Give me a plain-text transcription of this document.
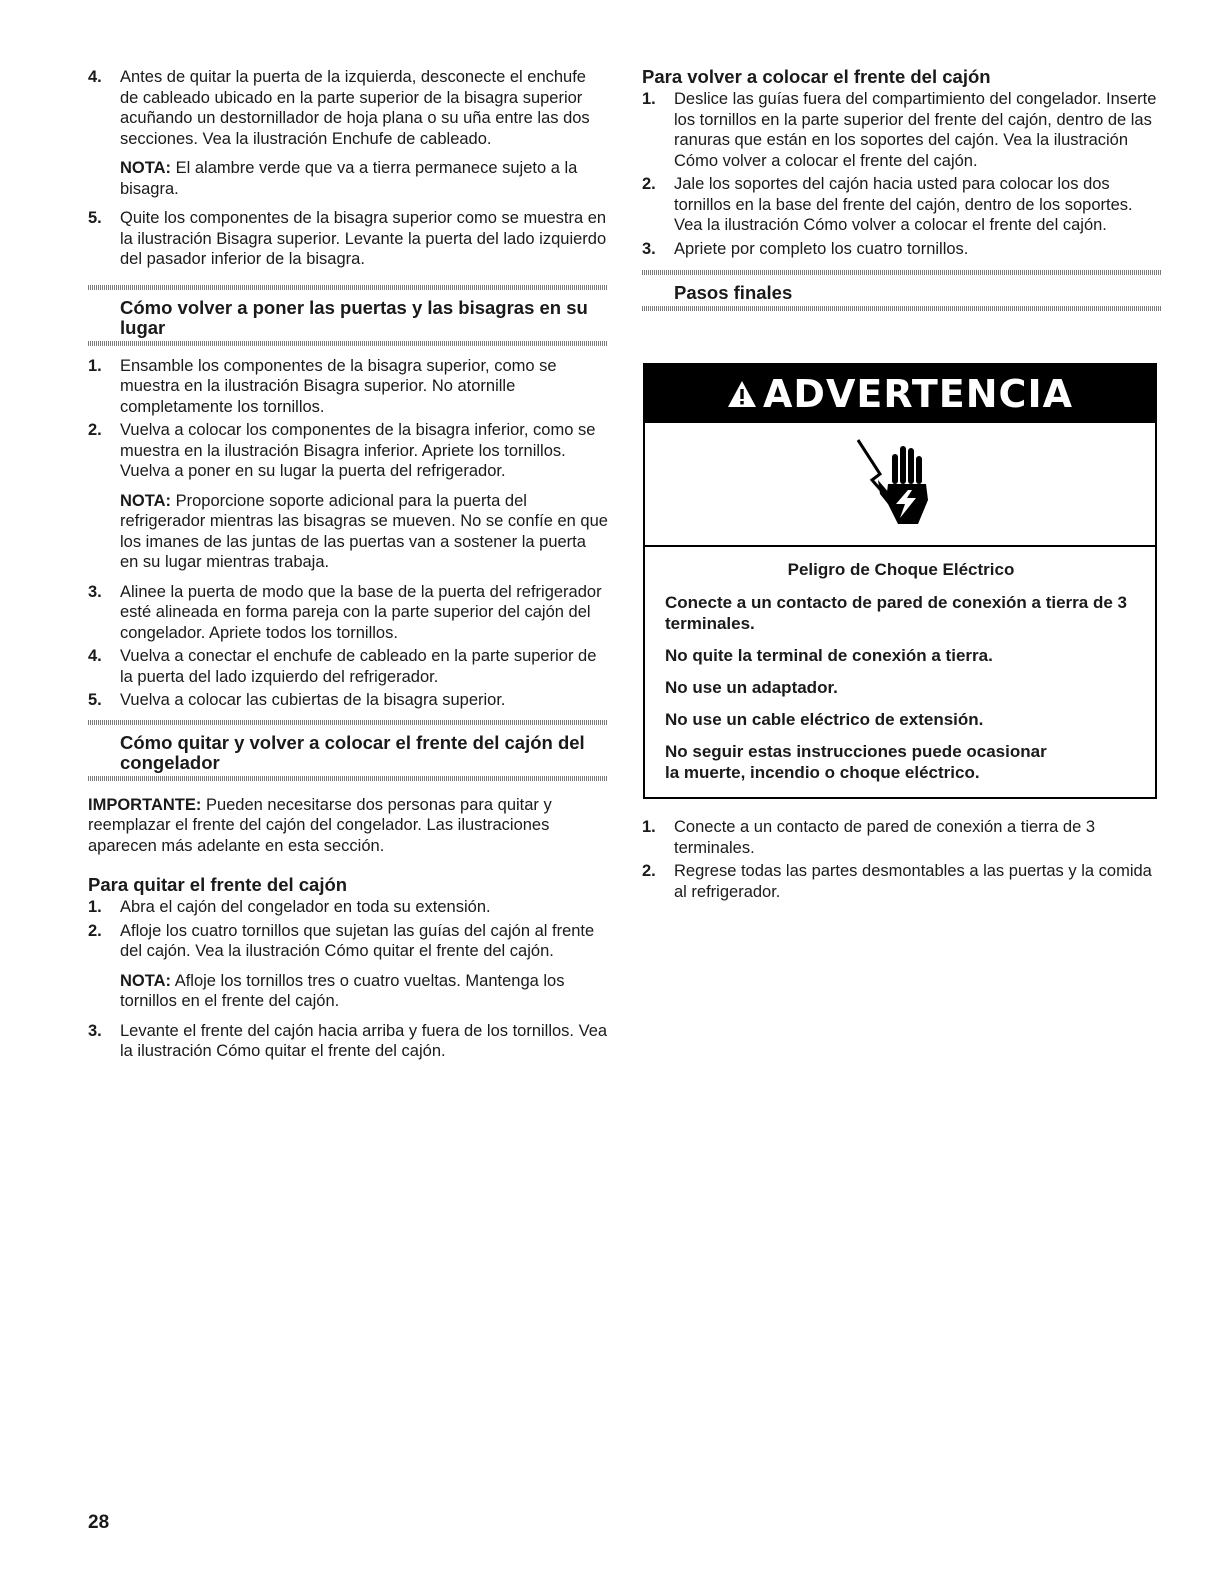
4. Antes de quitar la puerta de la izquierda, desconecte el enchufe de cableado ubicado en la parte superior de la bisagra superior acuñando un destornillador de hoja plana o su uña entre las dos secciones. Vea la ilustración Enchufe de cableado.

NOTA: El alambre verde que va a tierra permanece sujeto a la bisagra.
5. Quite los componentes de la bisagra superior como se muestra en la ilustración Bisagra superior. Levante la puerta del lado izquierdo del pasador inferior de la bisagra.

Cómo volver a poner las puertas y las bisagras en su lugar
1. Ensamble los componentes de la bisagra superior, como se muestra en la ilustración Bisagra superior. No atornille completamente los tornillos.

2. Vuelva a colocar los componentes de la bisagra inferior, como se muestra en la ilustración Bisagra inferior. Apriete los tornillos. Vuelva a poner en su lugar la puerta del refrigerador.

NOTA: Proporcione soporte adicional para la puerta del refrigerador mientras las bisagras se mueven. No se confíe en que los imanes de las juntas de las puertas van a sostener la puerta en su lugar mientras trabaja.
3. Alinee la puerta de modo que la base de la puerta del refrigerador esté alineada en forma pareja con la parte superior del cajón del congelador. Apriete todos los tornillos.

4. Vuelva a conectar el enchufe de cableado en la parte superior de la puerta del lado izquierdo del refrigerador.

5. Vuelva a colocar las cubiertas de la bisagra superior.

Cómo quitar y volver a colocar el frente del cajón del congelador

IMPORTANTE: Pueden necesitarse dos personas para quitar y reemplazar el frente del cajón del congelador. Las ilustraciones aparecen más adelante en esta sección.

Para quitar el frente del cajón
1. Abra el cajón del congelador en toda su extensión.

2. Afloje los cuatro tornillos que sujetan las guías del cajón al frente del cajón. Vea la ilustración Cómo quitar el frente del cajón.

NOTA: Afloje los tornillos tres o cuatro vueltas. Mantenga los tornillos en el frente del cajón.
3. Levante el frente del cajón hacia arriba y fuera de los tornillos. Vea la ilustración Cómo quitar el frente del cajón.

Para volver a colocar el frente del cajón
1. Deslice las guías fuera del compartimiento del congelador. Inserte los tornillos en la parte superior del frente del cajón, dentro de las ranuras que están en los soportes del cajón. Vea la ilustración Cómo volver a colocar el frente del cajón.

2. Jale los soportes del cajón hacia usted para colocar los dos tornillos en la base del frente del cajón, dentro de los soportes. Vea la ilustración Cómo volver a colocar el frente del cajón.

3. Apriete por completo los cuatro tornillos.

Pasos finales
ADVERTENCIA

Peligro de Choque Eléctrico

Conecte a un contacto de pared de conexión a tierra de 3 terminales.

No quite la terminal de conexión a tierra.

No use un adaptador.

No use un cable eléctrico de extensión.

No seguir estas instrucciones puede ocasionar
la muerte, incendio o choque eléctrico.

1. Conecte a un contacto de pared de conexión a tierra de 3 terminales.

2. Regrese todas las partes desmontables a las puertas y la comida al refrigerador.

28
